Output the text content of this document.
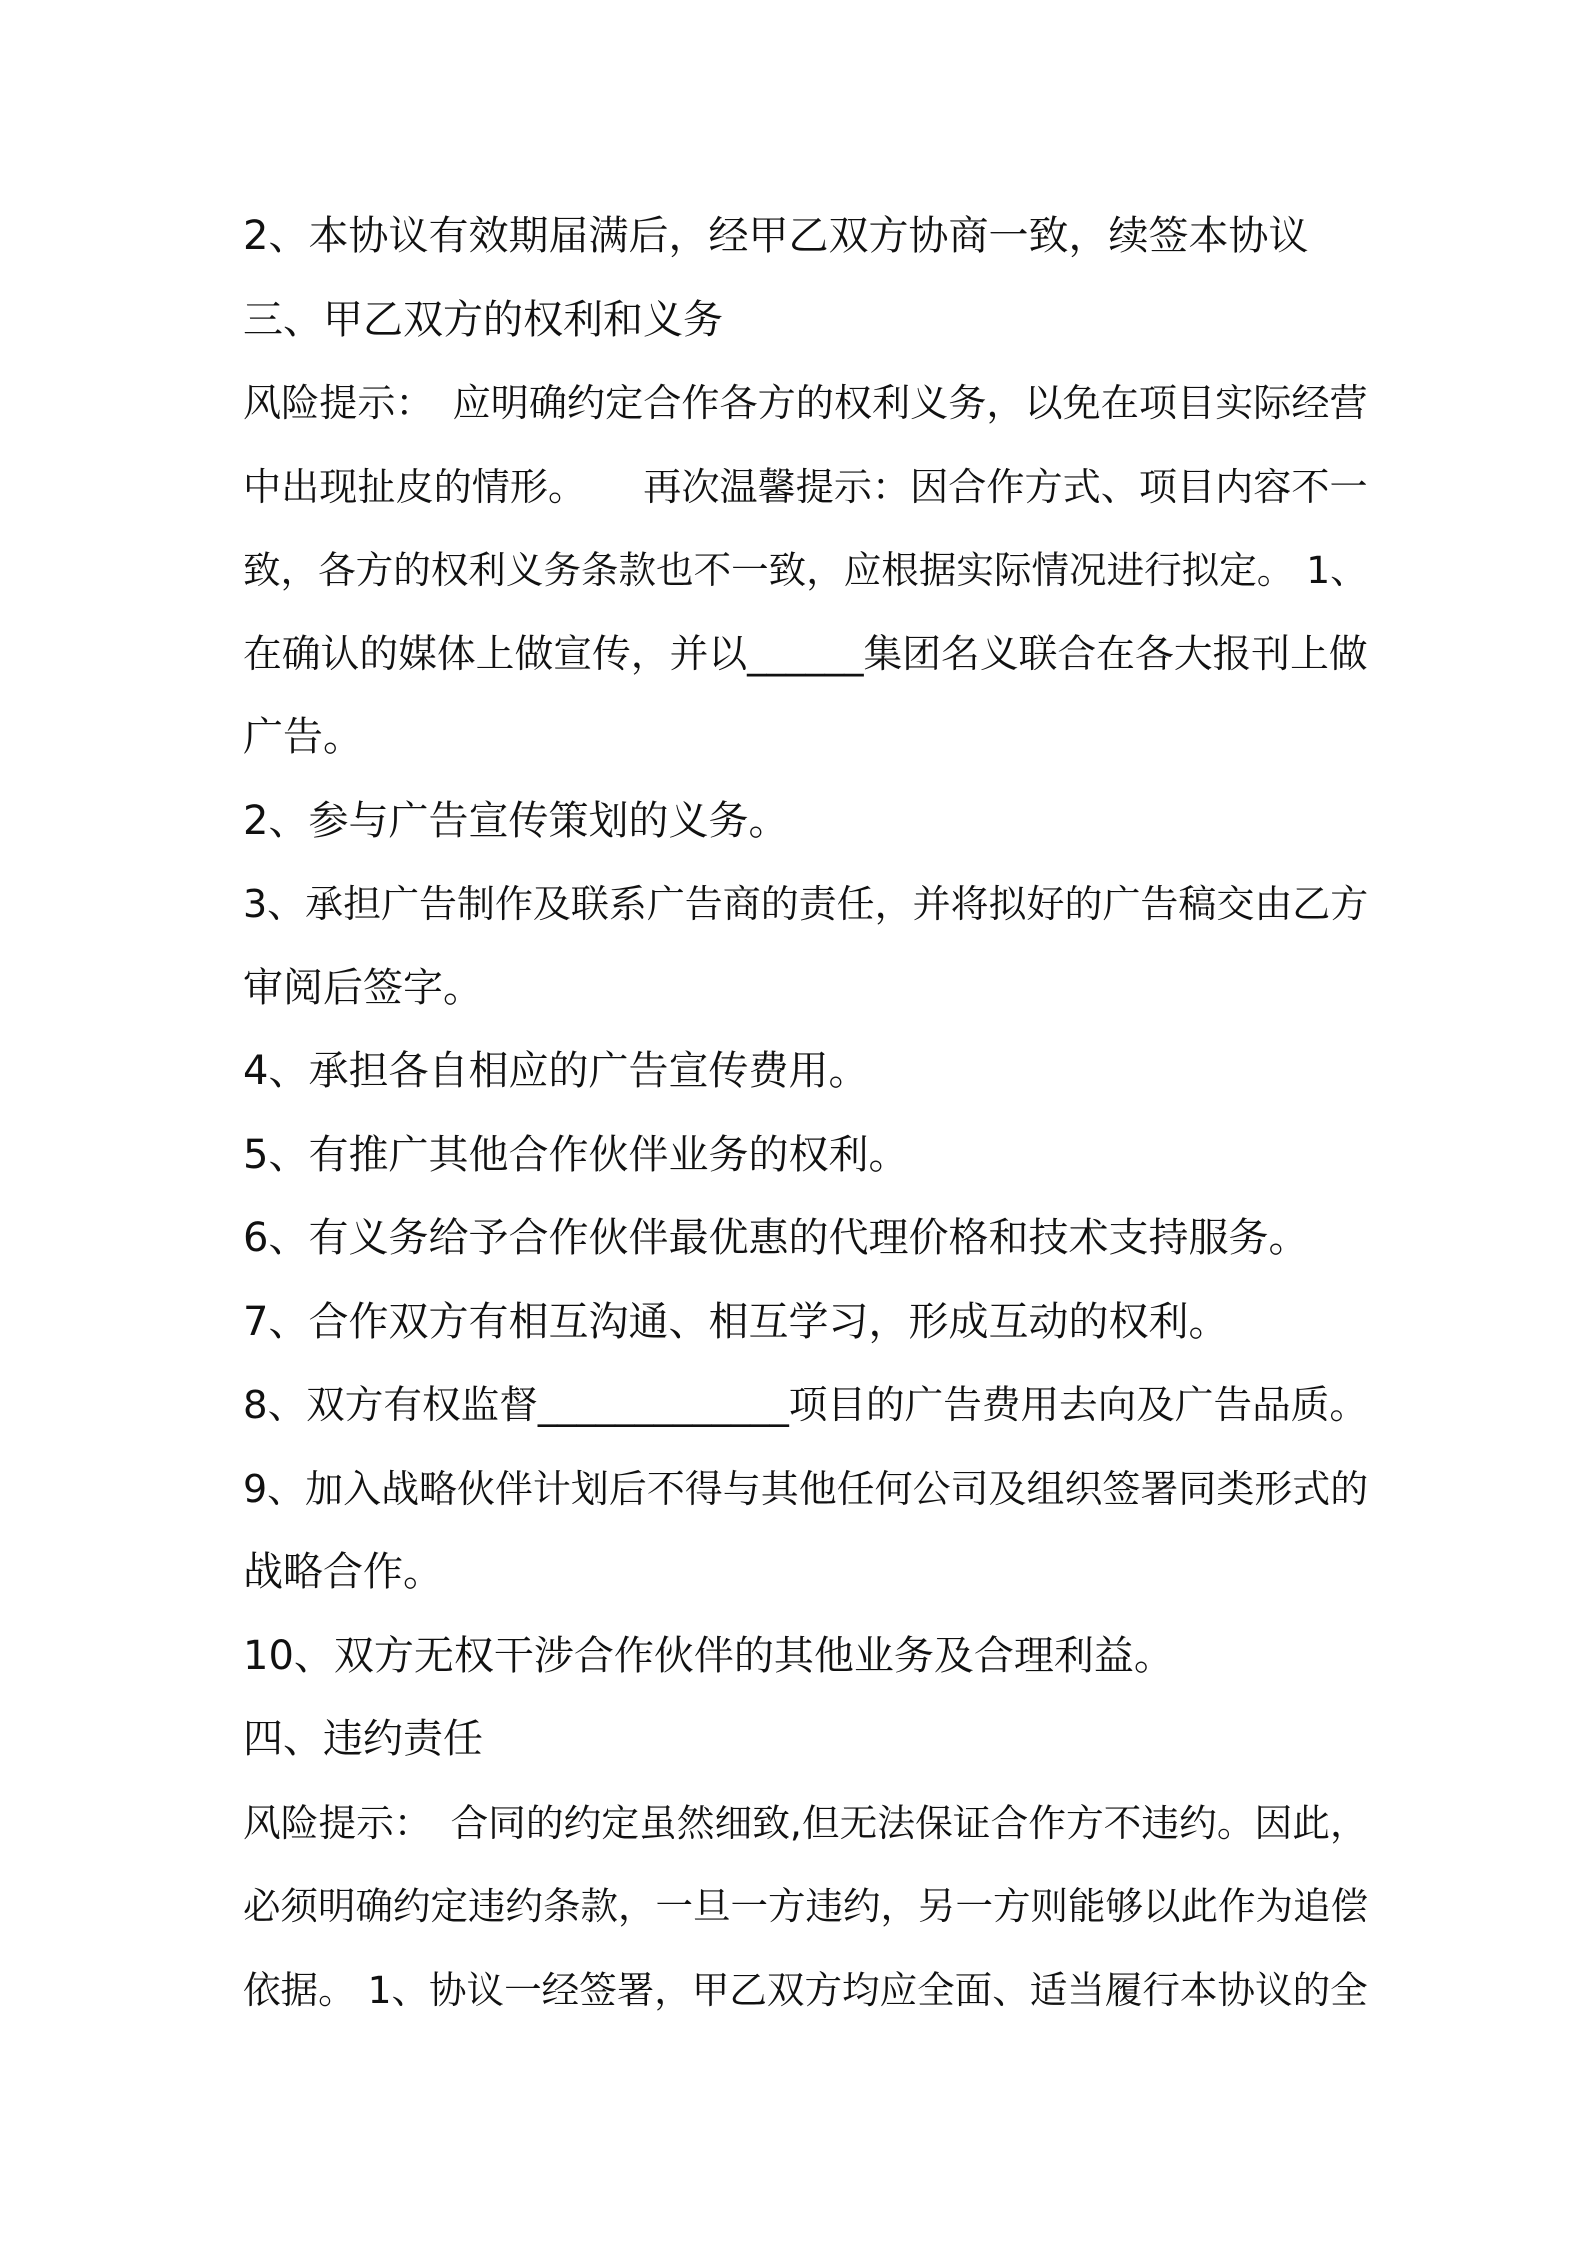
2、本协议有效期届满后，经甲乙双方协商一致，续签本协议
三、甲乙双方的权利和义务
风险提示：　应明确约定合作各方的权利义务，以免在项目实际经营
中出现扯皮的情形。　　再次温馨提示：因合作方式、项目内容不一
致，各方的权利义务条款也不一致，应根据实际情况进行拟定。 1、
在确认的媒体上做宣传，并以______集团名义联合在各大报刊上做
广告。
2、参与广告宣传策划的义务。
3、承担广告制作及联系广告商的责任，并将拟好的广告稿交由乙方
审阅后签字。
4、承担各自相应的广告宣传费用。
5、有推广其他合作伙伴业务的权利。
6、有义务给予合作伙伴最优惠的代理价格和技术支持服务。
7、合作双方有相互沟通、相互学习，形成互动的权利。
8、双方有权监督_____________项目的广告费用去向及广告品质。
9、加入战略伙伴计划后不得与其他任何公司及组织签署同类形式的
战略合作。
10、双方无权干涉合作伙伴的其他业务及合理利益。
四、违约责任
风险提示：　合同的约定虽然细致,但无法保证合作方不违约。因此，
必须明确约定违约条款，一旦一方违约，另一方则能够以此作为追偿
依据。 1、协议一经签署，甲乙双方均应全面、适当履行本协议的全
